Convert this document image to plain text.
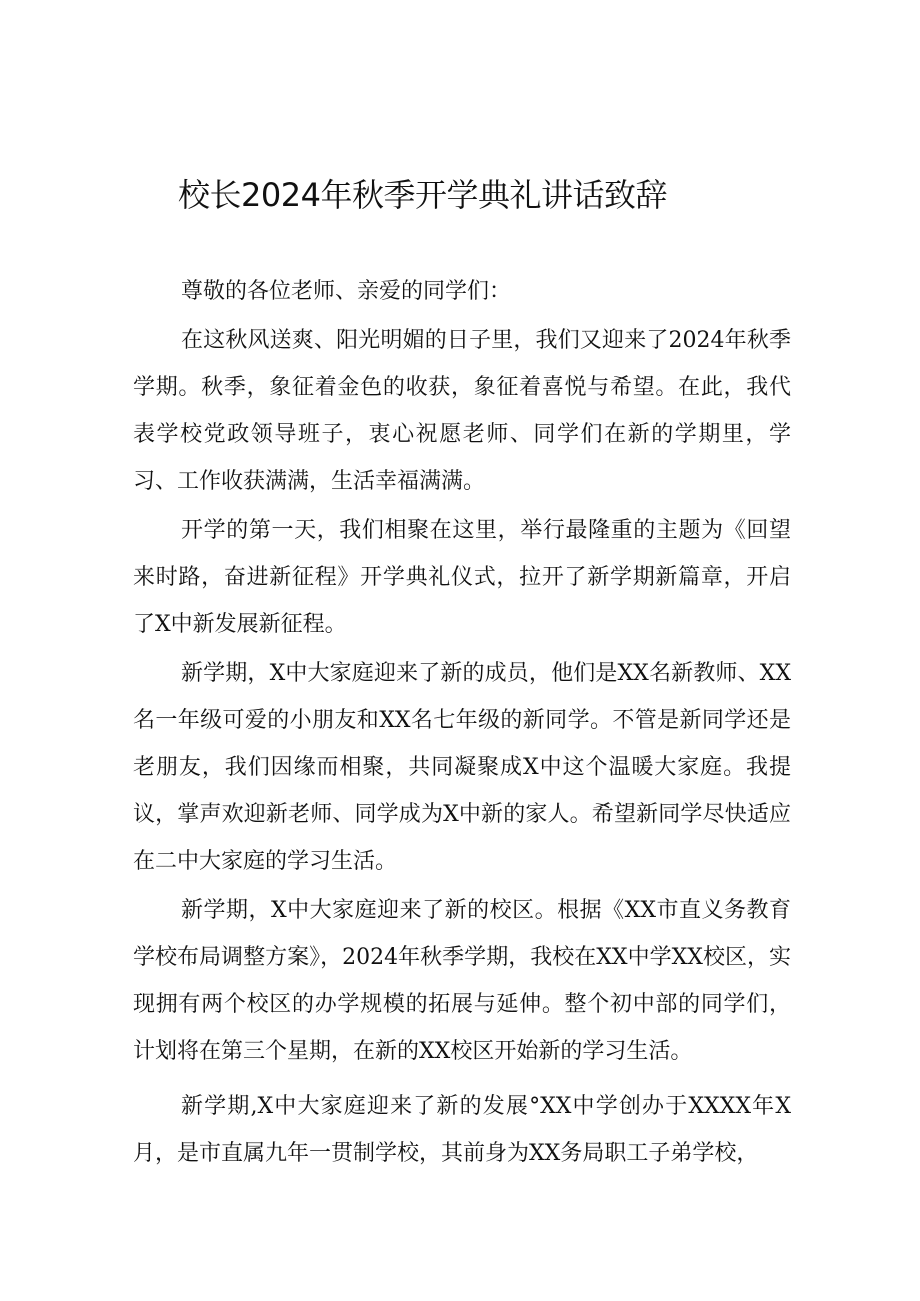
校长2024年秋季开学典礼讲话致辞

尊敬的各位老师、亲爱的同学们：

在这秋风送爽、阳光明媚的日子里，我们又迎来了2024年秋季学期。秋季，象征着金色的收获，象征着喜悦与希望。在此，我代表学校党政领导班子，衷心祝愿老师、同学们在新的学期里，学习、工作收获满满，生活幸福满满。

开学的第一天，我们相聚在这里，举行最隆重的主题为《回望来时路，奋进新征程》开学典礼仪式，拉开了新学期新篇章，开启了X中新发展新征程。

新学期，X中大家庭迎来了新的成员，他们是XX名新教师、XX名一年级可爱的小朋友和XX名七年级的新同学。不管是新同学还是老朋友，我们因缘而相聚，共同凝聚成X中这个温暖大家庭。我提议，掌声欢迎新老师、同学成为X中新的家人。希望新同学尽快适应在二中大家庭的学习生活。

新学期，X中大家庭迎来了新的校区。根据《XX市直义务教育学校布局调整方案》，2024年秋季学期，我校在XX中学XX校区，实现拥有两个校区的办学规模的拓展与延伸。整个初中部的同学们，计划将在第三个星期，在新的XX校区开始新的学习生活。

新学期,X中大家庭迎来了新的发展°XX中学创办于XXXX年X月，是市直属九年一贯制学校，其前身为XX务局职工子弟学校，
